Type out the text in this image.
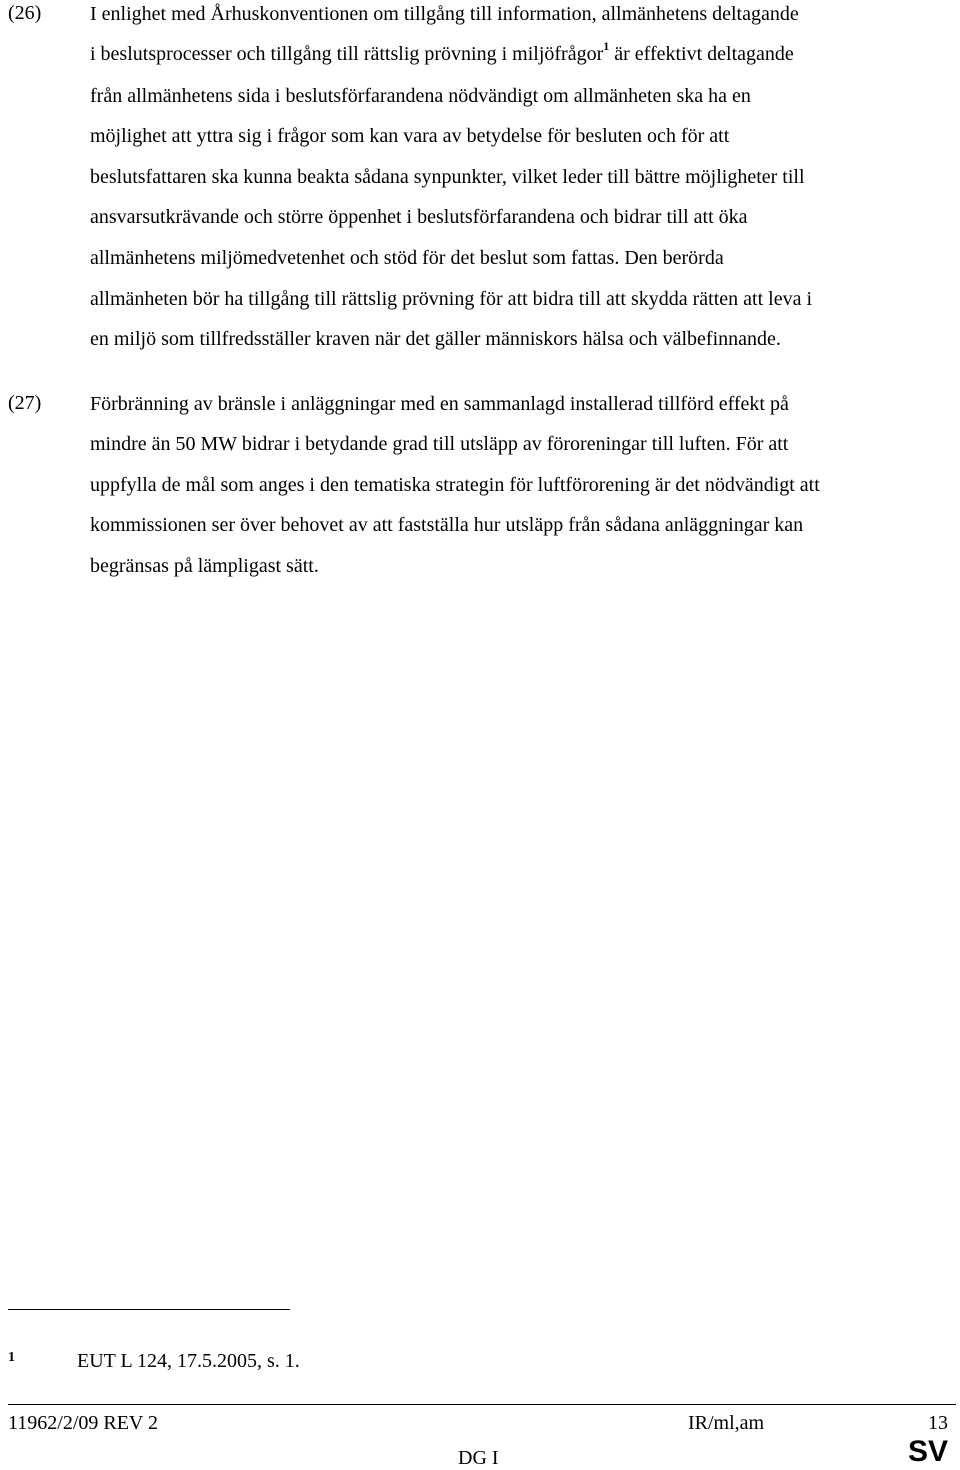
(26) I enlighet med Århuskonventionen om tillgång till information, allmänhetens deltagande
i beslutsprocesser och tillgång till rättslig prövning i miljöfrågor$^1$ är effektivt deltagande
från allmänhetens sida i beslutsförfarandena nödvändigt om allmänheten ska ha en
möjlighet att yttra sig i frågor som kan vara av betydelse för besluten och för att
beslutsfattaren ska kunna beakta sådana synpunkter, vilket leder till bättre möjligheter till
ansvarsutkrävande och större öppenhet i beslutsförfarandena och bidrar till att öka
allmänhetens miljömedvetenhet och stöd för det beslut som fattas. Den berörda
allmänheten bör ha tillgång till rättslig prövning för att bidra till att skydda rätten att leva i
en miljö som tillfredsställer kraven när det gäller människors hälsa och välbefinnande.
(27) Förbränning av bränsle i anläggningar med en sammanlagd installerad tillförd effekt på
mindre än 50 MW bidrar i betydande grad till utsläpp av föroreningar till luften. För att
uppfylla de mål som anges i den tematiska strategin för luftförorening är det nödvändigt att
kommissionen ser över behovet av att fastställa hur utsläpp från sådana anläggningar kan
begränsas på lämpligast sätt.
1	EUT L 124, 17.5.2005, s. 1.
11962/2/09 REV 2	IR/ml,am	13
DG I	SV
